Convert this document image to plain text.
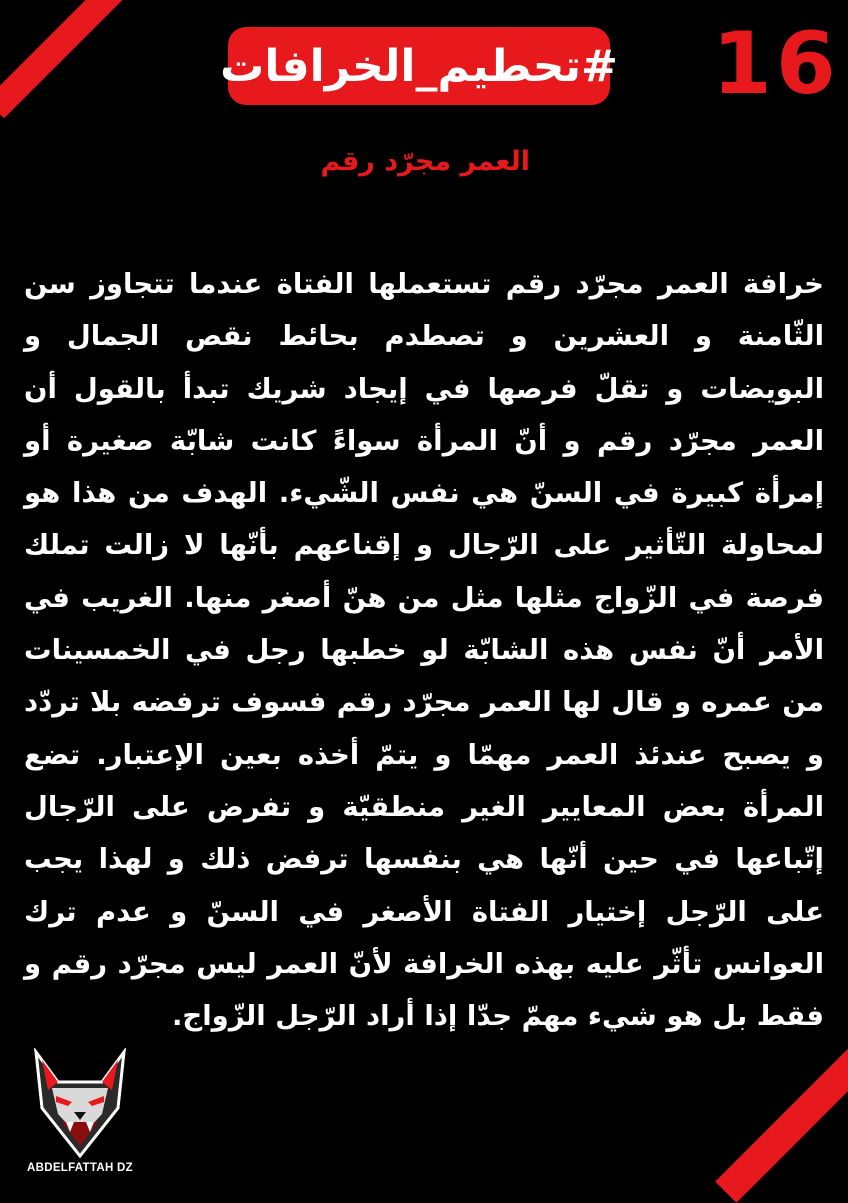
#تحطيم_الخرافات 16
العمر مجرّد رقم
خرافة العمر مجرّد رقم تستعملها الفتاة عندما تتجاوز سن الثّامنة و العشرين و تصطدم بحائط نقص الجمال و البويضات و تقلّ فرصها في إيجاد شريك تبدأ بالقول أن العمر مجرّد رقم و أنّ المرأة سواءً كانت شابّة صغيرة أو إمرأة كبيرة في السنّ هي نفس الشّيء. الهدف من هذا هو لمحاولة التّأثير على الرّجال و إقناعهم بأنّها لا زالت تملك فرصة في الزّواج مثلها مثل من هنّ أصغر منها. الغريب في الأمر أنّ نفس هذه الشابّة لو خطبها رجل في الخمسينات من عمره و قال لها العمر مجرّد رقم فسوف ترفضه بلا تردّد و يصبح عندئذ العمر مهمّا و يتمّ أخذه بعين الإعتبار. تضع المرأة بعض المعايير الغير منطقيّة و تفرض على الرّجال إتّباعها في حين أنّها هي بنفسها ترفض ذلك و لهذا يجب على الرّجل إختيار الفتاة الأصغر في السنّ و عدم ترك العوانس تأثّر عليه بهذه الخرافة لأنّ العمر ليس مجرّد رقم و فقط بل هو شيء مهمّ جدّا إذا أراد الرّجل الزّواج.
ABDELFATTAH DZ
